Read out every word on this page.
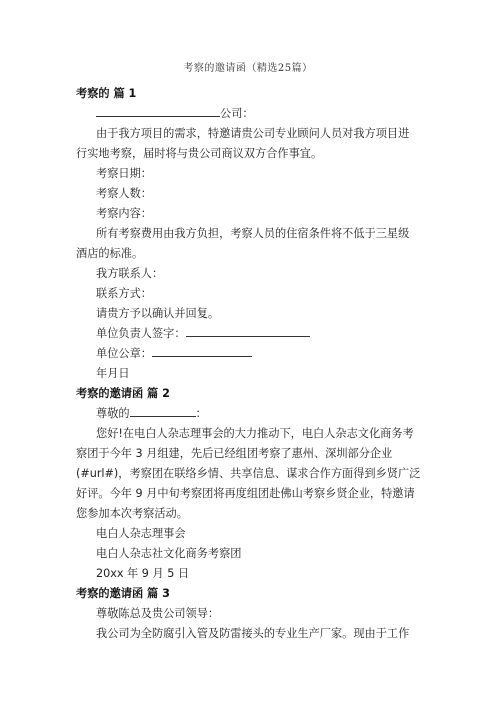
考察的邀请函（精选25篇）
考察的 篇 1
公司：
由于我方项目的需求，特邀请贵公司专业顾问人员对我方项目进
行实地考察，届时将与贵公司商议双方合作事宜。
考察日期：
考察人数：
考察内容：
所有考察费用由我方负担，考察人员的住宿条件将不低于三星级
酒店的标准。
我方联系人：
联系方式：
请贵方予以确认并回复。
单位负责人签字：
单位公章：
年月日
考察的邀请函 篇 2
尊敬的	：
您好!在电白人杂志理事会的大力推动下，电白人杂志文化商务考
察团于今年 3 月组建，先后已经组团考察了惠州、深圳部分企业
(#url#)，考察团在联络乡情、共享信息、谋求合作方面得到乡贤广泛
好评。今年 9 月中旬考察团将再度组团赴佛山考察乡贤企业，特邀请
您参加本次考察活动。
电白人杂志理事会
电白人杂志社文化商务考察团
20xx 年 9 月 5 日
考察的邀请函 篇 3
尊敬陈总及贵公司领导：
我公司为全防腐引入管及防雷接头的专业生产厂家。现由于工作
